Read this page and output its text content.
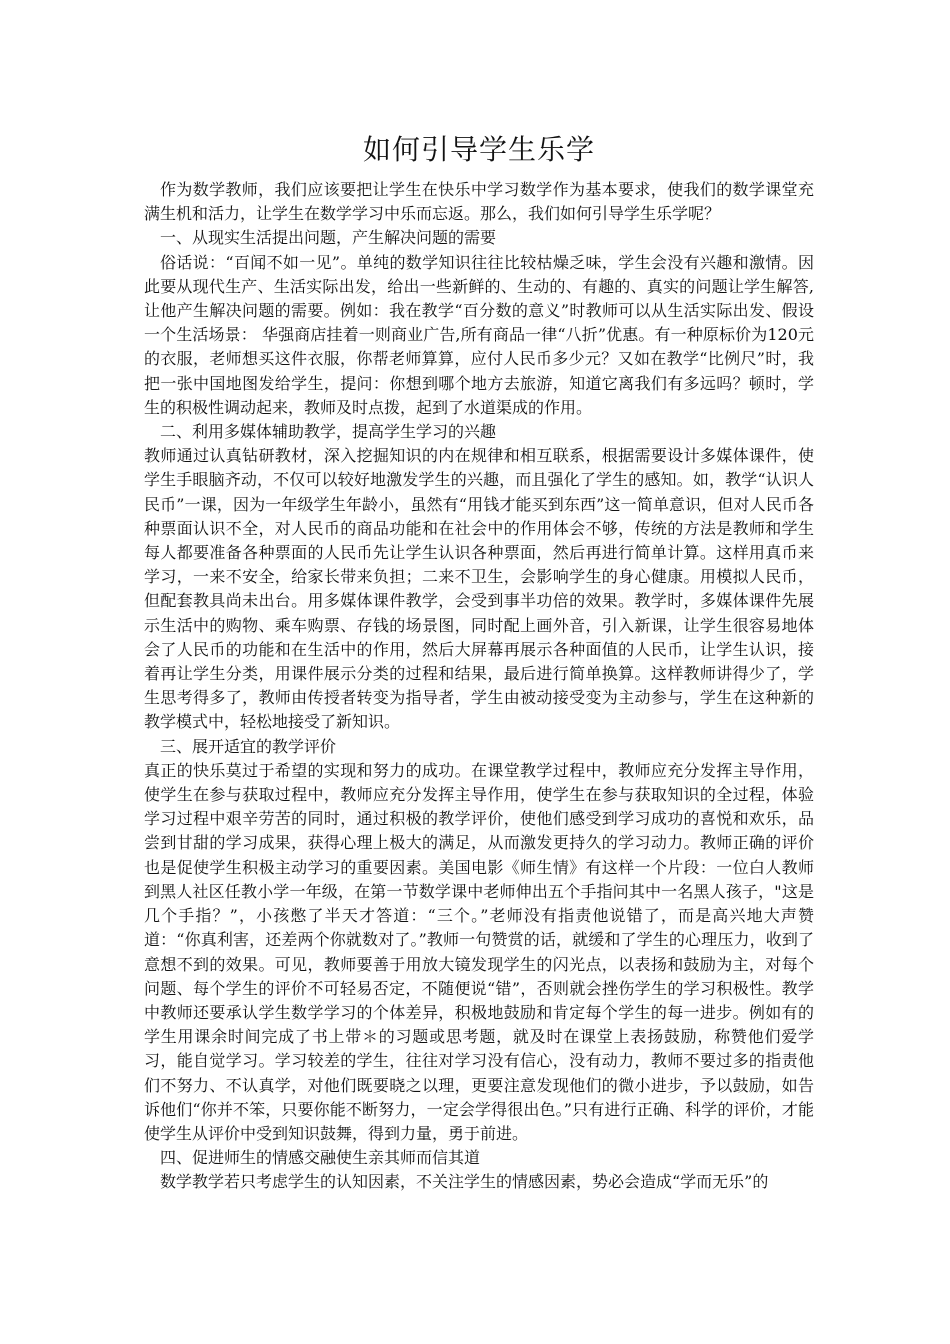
如何引导学生乐学

作为数学教师，我们应该要把让学生在快乐中学习数学作为基本要求，使我们的数学课堂充满生机和活力，让学生在数学学习中乐而忘返。那么，我们如何引导学生乐学呢？

一、从现实生活提出问题，产生解决问题的需要

俗话说：“百闻不如一见”。单纯的数学知识往往比较枯燥乏味，学生会没有兴趣和激情。因此要从现代生产、生活实际出发，给出一些新鲜的、生动的、有趣的、真实的问题让学生解答,让他产生解决问题的需要。例如：我在教学“百分数的意义”时教师可以从生活实际出发、假设一个生活场景： 华强商店挂着一则商业广告,所有商品一律“八折”优惠。有一种原标价为120元的衣服，老师想买这件衣服，你帮老师算算，应付人民币多少元？又如在教学“比例尺”时，我把一张中国地图发给学生，提问：你想到哪个地方去旅游，知道它离我们有多远吗？顿时，学生的积极性调动起来，教师及时点拨，起到了水道渠成的作用。

二、利用多媒体辅助教学，提高学生学习的兴趣

教师通过认真钻研教材，深入挖掘知识的内在规律和相互联系，根据需要设计多媒体课件，使学生手眼脑齐动，不仅可以较好地激发学生的兴趣，而且强化了学生的感知。如，教学“认识人民币”一课，因为一年级学生年龄小，虽然有“用钱才能买到东西”这一简单意识，但对人民币各种票面认识不全，对人民币的商品功能和在社会中的作用体会不够，传统的方法是教师和学生每人都要准备各种票面的人民币先让学生认识各种票面，然后再进行简单计算。这样用真币来学习，一来不安全，给家长带来负担；二来不卫生，会影响学生的身心健康。用模拟人民币，但配套教具尚未出台。用多媒体课件教学，会受到事半功倍的效果。教学时，多媒体课件先展示生活中的购物、乘车购票、存钱的场景图，同时配上画外音，引入新课，让学生很容易地体会了人民币的功能和在生活中的作用，然后大屏幕再展示各种面值的人民币，让学生认识，接着再让学生分类，用课件展示分类的过程和结果，最后进行简单换算。这样教师讲得少了，学生思考得多了，教师由传授者转变为指导者，学生由被动接受变为主动参与，学生在这种新的教学模式中，轻松地接受了新知识。

三、展开适宜的教学评价

真正的快乐莫过于希望的实现和努力的成功。在课堂教学过程中，教师应充分发挥主导作用，使学生在参与获取过程中，教师应充分发挥主导作用，使学生在参与获取知识的全过程，体验学习过程中艰辛劳苦的同时，通过积极的教学评价，使他们感受到学习成功的喜悦和欢乐，品尝到甘甜的学习成果，获得心理上极大的满足，从而激发更持久的学习动力。教师正确的评价也是促使学生积极主动学习的重要因素。美国电影《师生情》有这样一个片段：一位白人教师到黑人社区任教小学一年级，在第一节数学课中老师伸出五个手指问其中一名黑人孩子，"这是几个手指？”，小孩憋了半天才答道：“三个。”老师没有指责他说错了，而是高兴地大声赞道：“你真利害，还差两个你就数对了。”教师一句赞赏的话，就缓和了学生的心理压力，收到了意想不到的效果。可见，教师要善于用放大镜发现学生的闪光点，以表扬和鼓励为主，对每个问题、每个学生的评价不可轻易否定，不随便说“错”，否则就会挫伤学生的学习积极性。教学中教师还要承认学生数学学习的个体差异，积极地鼓励和肯定每个学生的每一进步。例如有的学生用课余时间完成了书上带＊的习题或思考题，就及时在课堂上表扬鼓励，称赞他们爱学习，能自觉学习。学习较差的学生，往往对学习没有信心，没有动力，教师不要过多的指责他们不努力、不认真学，对他们既要晓之以理，更要注意发现他们的微小进步，予以鼓励，如告诉他们“你并不笨，只要你能不断努力，一定会学得很出色。”只有进行正确、科学的评价，才能使学生从评价中受到知识鼓舞，得到力量，勇于前进。

四、促进师生的情感交融使生亲其师而信其道

数学教学若只考虑学生的认知因素，不关注学生的情感因素，势必会造成“学而无乐”的
